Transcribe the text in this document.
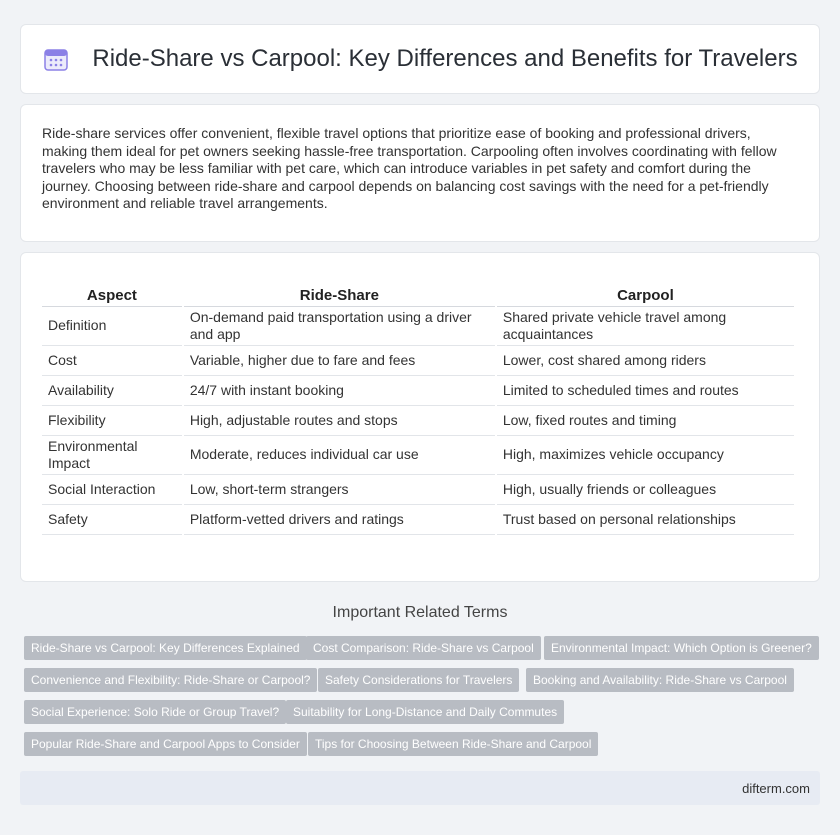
Ride-Share vs Carpool: Key Differences and Benefits for Travelers

Ride-share services offer convenient, flexible travel options that prioritize ease of booking and professional drivers, making them ideal for pet owners seeking hassle-free transportation. Carpooling often involves coordinating with fellow travelers who may be less familiar with pet care, which can introduce variables in pet safety and comfort during the journey. Choosing between ride-share and carpool depends on balancing cost savings with the need for a pet-friendly environment and reliable travel arrangements.

Aspect	Ride-Share	Carpool
Definition	On-demand paid transportation using a driver and app	Shared private vehicle travel among acquaintances
Cost	Variable, higher due to fare and fees	Lower, cost shared among riders
Availability	24/7 with instant booking	Limited to scheduled times and routes
Flexibility	High, adjustable routes and stops	Low, fixed routes and timing
Environmental Impact	Moderate, reduces individual car use	High, maximizes vehicle occupancy
Social Interaction	Low, short-term strangers	High, usually friends or colleagues
Safety	Platform-vetted drivers and ratings	Trust based on personal relationships
Important Related Terms
Ride-Share vs Carpool: Key Differences Explained	Cost Comparison: Ride-Share vs Carpool	Environmental Impact: Which Option is Greener?
Convenience and Flexibility: Ride-Share or Carpool?	Safety Considerations for Travelers	Booking and Availability: Ride-Share vs Carpool
Social Experience: Solo Ride or Group Travel?	Suitability for Long-Distance and Daily Commutes
Popular Ride-Share and Carpool Apps to Consider	Tips for Choosing Between Ride-Share and Carpool
difterm.com
